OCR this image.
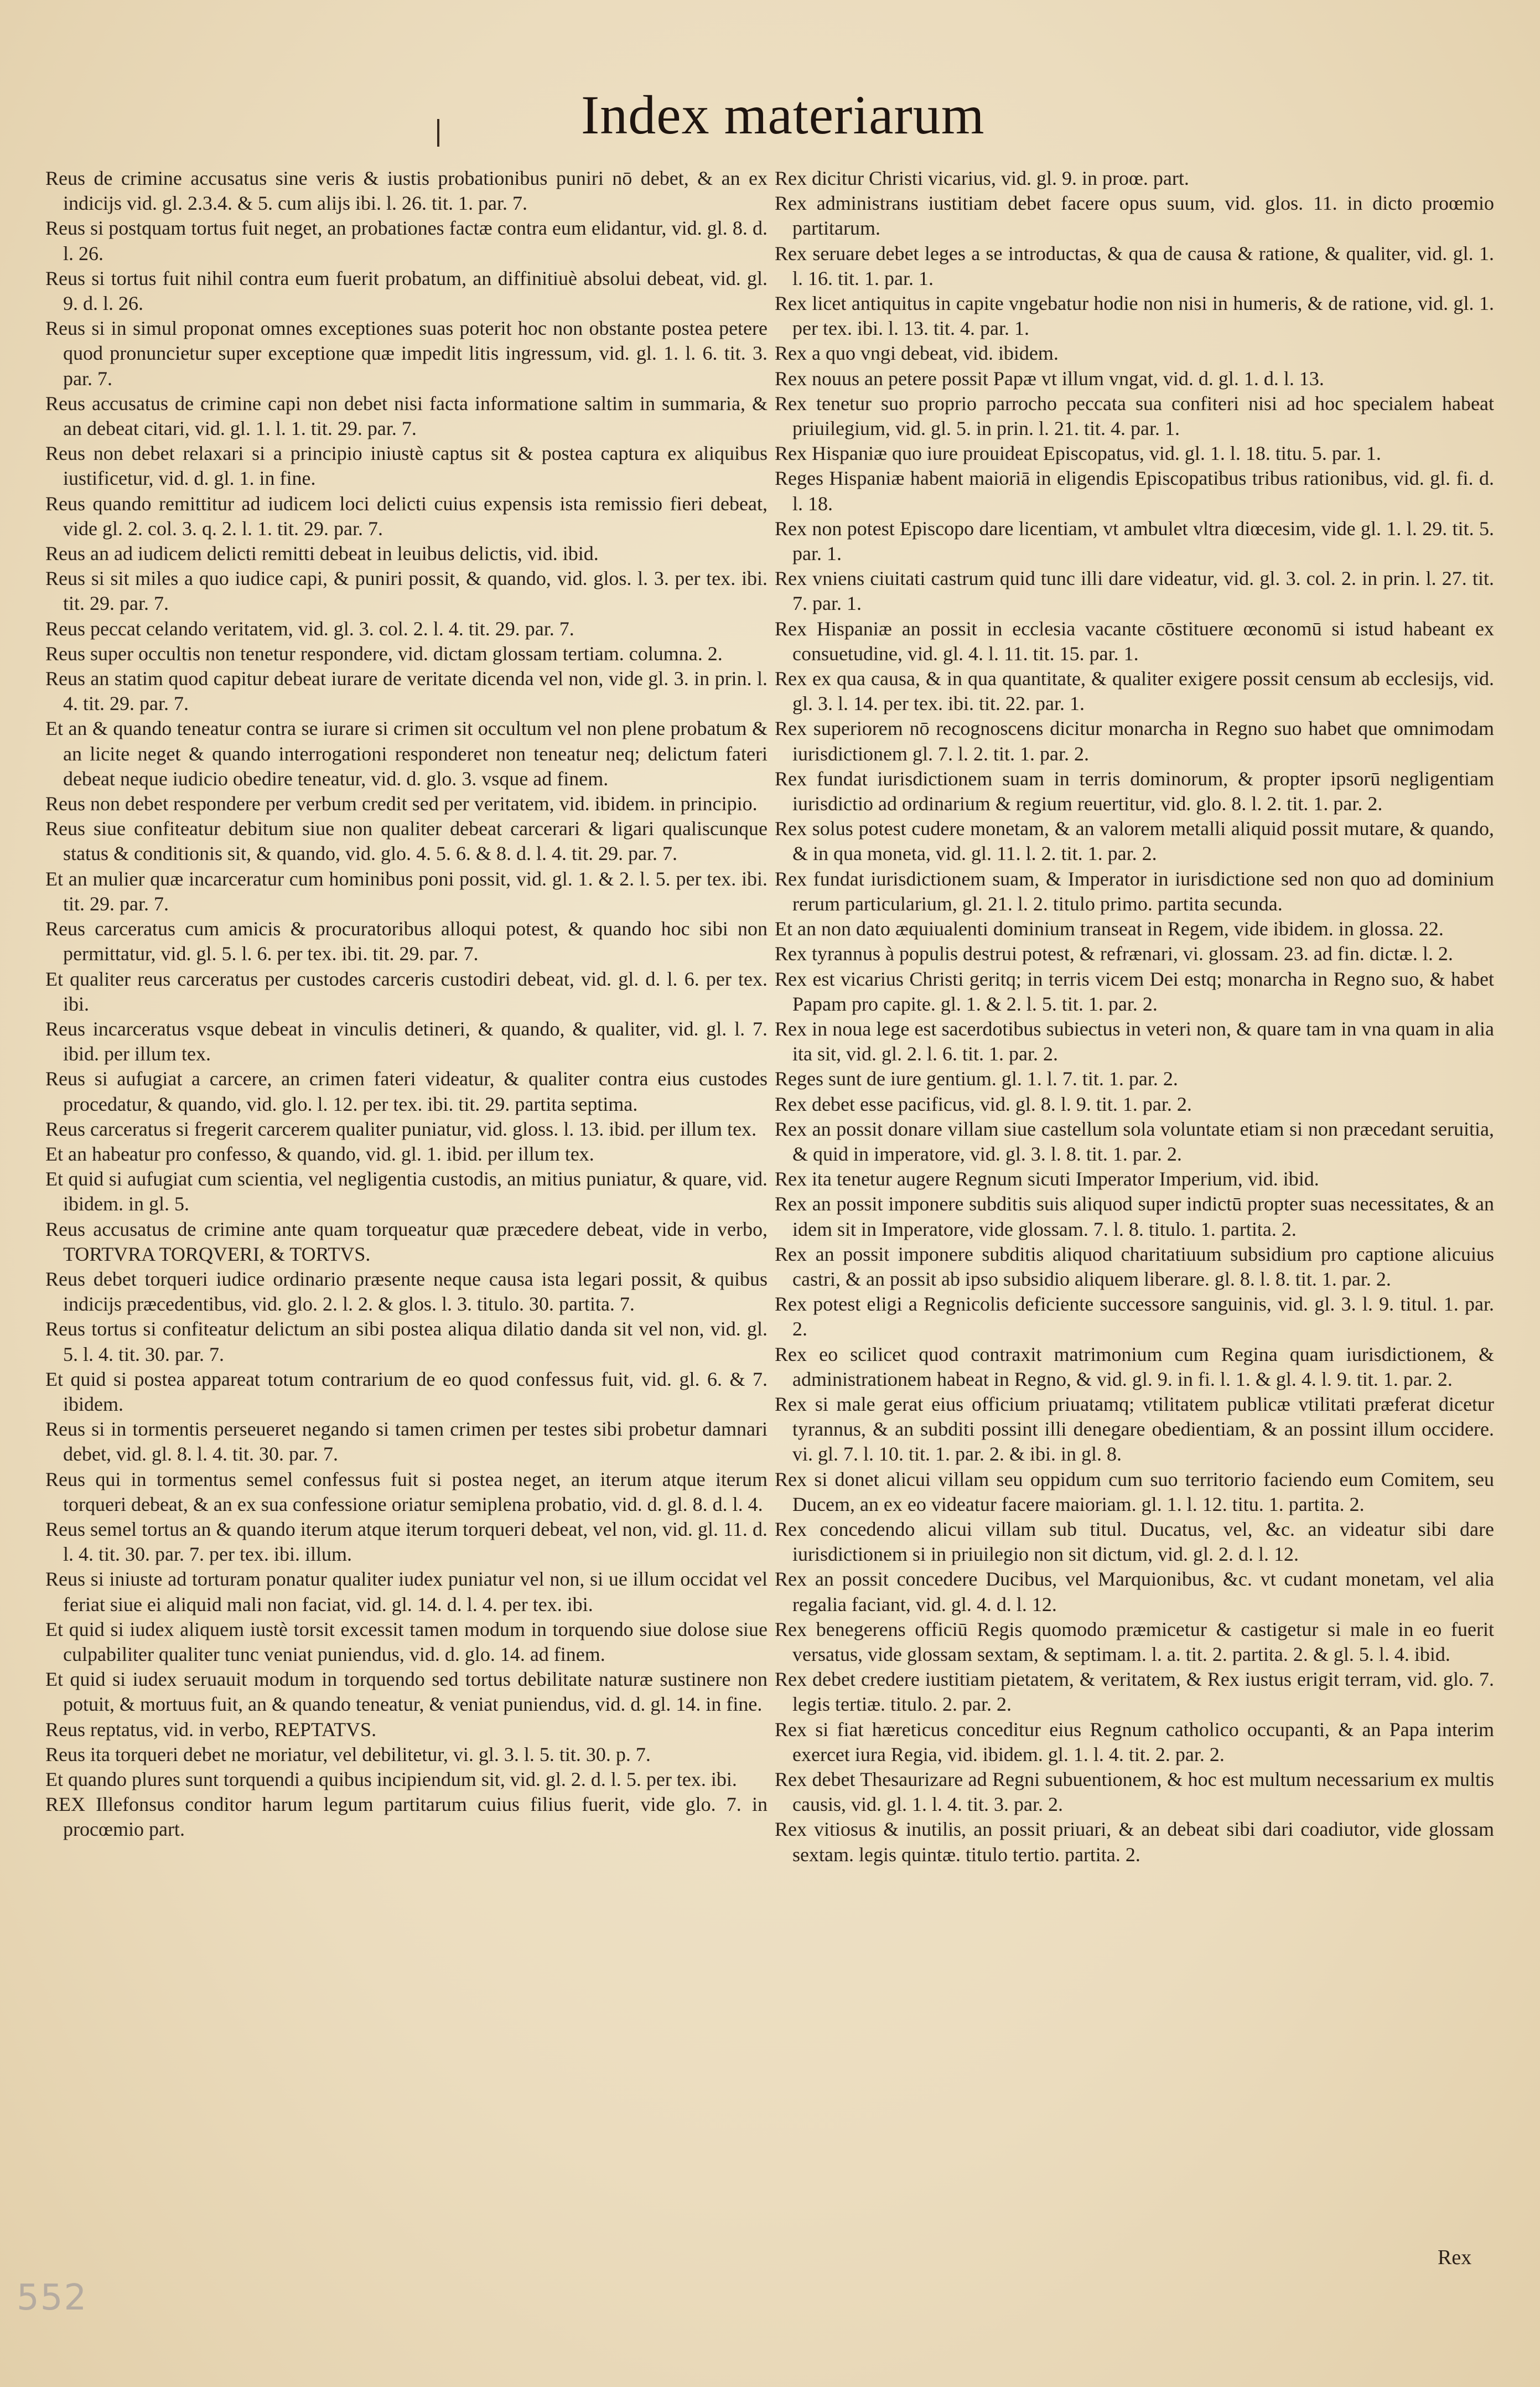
Index materiarum

Reus de crimine accusatus sine veris & iustis probationibus puniri nō debet, & an ex indicijs vid. gl. 2.3.4. & 5. cum alijs ibi. l. 26. tit. 1. par. 7.

Reus si postquam tortus fuit neget, an probationes factæ contra eum elidantur, vid. gl. 8. d. l. 26.

Reus si tortus fuit nihil contra eum fuerit probatum, an diffinitiuè absolui debeat, vid. gl. 9. d. l. 26.

Reus si in simul proponat omnes exceptiones suas poterit hoc non obstante postea petere quod pronuncietur super exceptione quæ impedit litis ingressum, vid. gl. 1. l. 6. tit. 3. par. 7.

Reus accusatus de crimine capi non debet nisi facta informatione saltim in summaria, & an debeat citari, vid. gl. 1. l. 1. tit. 29. par. 7.

Reus non debet relaxari si a principio iniustè captus sit & postea captura ex aliquibus iustificetur, vid. d. gl. 1. in fine.

Reus quando remittitur ad iudicem loci delicti cuius expensis ista remissio fieri debeat, vide gl. 2. col. 3. q. 2. l. 1. tit. 29. par. 7.

Reus an ad iudicem delicti remitti debeat in leuibus delictis, vid. ibid.

Reus si sit miles a quo iudice capi, & puniri possit, & quando, vid. glos. l. 3. per tex. ibi. tit. 29. par. 7.

Reus peccat celando veritatem, vid. gl. 3. col. 2. l. 4. tit. 29. par. 7.

Reus super occultis non tenetur respondere, vid. dictam glossam tertiam. columna. 2.

Reus an statim quod capitur debeat iurare de veritate dicenda vel non, vide gl. 3. in prin. l. 4. tit. 29. par. 7.

Et an & quando teneatur contra se iurare si crimen sit occultum vel non plene probatum & an licite neget & quando interrogationi responderet non teneatur neq; delictum fateri debeat neque iudicio obedire teneatur, vid. d. glo. 3. vsque ad finem.

Reus non debet respondere per verbum credit sed per veritatem, vid. ibidem. in principio.

Reus siue confiteatur debitum siue non qualiter debeat carcerari & ligari qualiscunque status & conditionis sit, & quando, vid. glo. 4. 5. 6. & 8. d. l. 4. tit. 29. par. 7.

Et an mulier quæ incarceratur cum hominibus poni possit, vid. gl. 1. & 2. l. 5. per tex. ibi. tit. 29. par. 7.

Reus carceratus cum amicis & procuratoribus alloqui potest, & quando hoc sibi non permittatur, vid. gl. 5. l. 6. per tex. ibi. tit. 29. par. 7.

Et qualiter reus carceratus per custodes carceris custodiri debeat, vid. gl. d. l. 6. per tex. ibi.

Reus incarceratus vsque debeat in vinculis detineri, & quando, & qualiter, vid. gl. l. 7. ibid. per illum tex.

Reus si aufugiat a carcere, an crimen fateri videatur, & qualiter contra eius custodes procedatur, & quando, vid. glo. l. 12. per tex. ibi. tit. 29. partita septima.

Reus carceratus si fregerit carcerem qualiter puniatur, vid. gloss. l. 13. ibid. per illum tex.

Et an habeatur pro confesso, & quando, vid. gl. 1. ibid. per illum tex.

Et quid si aufugiat cum scientia, vel negligentia custodis, an mitius puniatur, & quare, vid. ibidem. in gl. 5.

Reus accusatus de crimine ante quam torqueatur quæ præcedere debeat, vide in verbo, TORTVRA TORQVERI, & TORTVS.

Reus debet torqueri iudice ordinario præsente neque causa ista legari possit, & quibus indicijs præcedentibus, vid. glo. 2. l. 2. & glos. l. 3. titulo. 30. partita. 7.

Reus tortus si confiteatur delictum an sibi postea aliqua dilatio danda sit vel non, vid. gl. 5. l. 4. tit. 30. par. 7.

Et quid si postea appareat totum contrarium de eo quod confessus fuit, vid. gl. 6. & 7. ibidem.

Reus si in tormentis perseueret negando si tamen crimen per testes sibi probetur damnari debet, vid. gl. 8. l. 4. tit. 30. par. 7.

Reus qui in tormentus semel confessus fuit si postea neget, an iterum atque iterum torqueri debeat, & an ex sua confessione oriatur semiplena probatio, vid. d. gl. 8. d. l. 4.

Reus semel tortus an & quando iterum atque iterum torqueri debeat, vel non, vid. gl. 11. d. l. 4. tit. 30. par. 7. per tex. ibi. illum.

Reus si iniuste ad torturam ponatur qualiter iudex puniatur vel non, si ue illum occidat vel feriat siue ei aliquid mali non faciat, vid. gl. 14. d. l. 4. per tex. ibi.

Et quid si iudex aliquem iustè torsit excessit tamen modum in torquendo siue dolose siue culpabiliter qualiter tunc veniat puniendus, vid. d. glo. 14. ad finem.

Et quid si iudex seruauit modum in torquendo sed tortus debilitate naturæ sustinere non potuit, & mortuus fuit, an & quando teneatur, & veniat puniendus, vid. d. gl. 14. in fine.

Reus reptatus, vid. in verbo, REPTATVS.

Reus ita torqueri debet ne moriatur, vel debilitetur, vi. gl. 3. l. 5. tit. 30. p. 7.

Et quando plures sunt torquendi a quibus incipiendum sit, vid. gl. 2. d. l. 5. per tex. ibi.

REX Illefonsus conditor harum legum partitarum cuius filius fuerit, vide glo. 7. in procœmio part.

Rex dicitur Christi vicarius, vid. gl. 9. in proœ. part.

Rex administrans iustitiam debet facere opus suum, vid. glos. 11. in dicto proœmio partitarum.

Rex seruare debet leges a se introductas, & qua de causa & ratione, & qualiter, vid. gl. 1. l. 16. tit. 1. par. 1.

Rex licet antiquitus in capite vngebatur hodie non nisi in humeris, & de ratione, vid. gl. 1. per tex. ibi. l. 13. tit. 4. par. 1.

Rex a quo vngi debeat, vid. ibidem.

Rex nouus an petere possit Papæ vt illum vngat, vid. d. gl. 1. d. l. 13.

Rex tenetur suo proprio parrocho peccata sua confiteri nisi ad hoc specialem habeat priuilegium, vid. gl. 5. in prin. l. 21. tit. 4. par. 1.

Rex Hispaniæ quo iure prouideat Episcopatus, vid. gl. 1. l. 18. titu. 5. par. 1.

Reges Hispaniæ habent maioriā in eligendis Episcopatibus tribus rationibus, vid. gl. fi. d. l. 18.

Rex non potest Episcopo dare licentiam, vt ambulet vltra diœcesim, vide gl. 1. l. 29. tit. 5. par. 1.

Rex vniens ciuitati castrum quid tunc illi dare videatur, vid. gl. 3. col. 2. in prin. l. 27. tit. 7. par. 1.

Rex Hispaniæ an possit in ecclesia vacante cōstituere œconomū si istud habeant ex consuetudine, vid. gl. 4. l. 11. tit. 15. par. 1.

Rex ex qua causa, & in qua quantitate, & qualiter exigere possit censum ab ecclesijs, vid. gl. 3. l. 14. per tex. ibi. tit. 22. par. 1.

Rex superiorem nō recognoscens dicitur monarcha in Regno suo habet que omnimodam iurisdictionem gl. 7. l. 2. tit. 1. par. 2.

Rex fundat iurisdictionem suam in terris dominorum, & propter ipsorū negligentiam iurisdictio ad ordinarium & regium reuertitur, vid. glo. 8. l. 2. tit. 1. par. 2.

Rex solus potest cudere monetam, & an valorem metalli aliquid possit mutare, & quando, & in qua moneta, vid. gl. 11. l. 2. tit. 1. par. 2.

Rex fundat iurisdictionem suam, & Imperator in iurisdictione sed non quo ad dominium rerum particularium, gl. 21. l. 2. titulo primo. partita secunda.

Et an non dato æquiualenti dominium transeat in Regem, vide ibidem. in glossa. 22.

Rex tyrannus à populis destrui potest, & refrænari, vi. glossam. 23. ad fin. dictæ. l. 2.

Rex est vicarius Christi geritq; in terris vicem Dei estq; monarcha in Regno suo, & habet Papam pro capite. gl. 1. & 2. l. 5. tit. 1. par. 2.

Rex in noua lege est sacerdotibus subiectus in veteri non, & quare tam in vna quam in alia ita sit, vid. gl. 2. l. 6. tit. 1. par. 2.

Reges sunt de iure gentium. gl. 1. l. 7. tit. 1. par. 2.

Rex debet esse pacificus, vid. gl. 8. l. 9. tit. 1. par. 2.

Rex an possit donare villam siue castellum sola voluntate etiam si non præcedant seruitia, & quid in imperatore, vid. gl. 3. l. 8. tit. 1. par. 2.

Rex ita tenetur augere Regnum sicuti Imperator Imperium, vid. ibid.

Rex an possit imponere subditis suis aliquod super indictū propter suas necessitates, & an idem sit in Imperatore, vide glossam. 7. l. 8. titulo. 1. partita. 2.

Rex an possit imponere subditis aliquod charitatiuum subsidium pro captione alicuius castri, & an possit ab ipso subsidio aliquem liberare. gl. 8. l. 8. tit. 1. par. 2.

Rex potest eligi a Regnicolis deficiente successore sanguinis, vid. gl. 3. l. 9. titul. 1. par. 2.

Rex eo scilicet quod contraxit matrimonium cum Regina quam iurisdictionem, & administrationem habeat in Regno, & vid. gl. 9. in fi. l. 1. & gl. 4. l. 9. tit. 1. par. 2.

Rex si male gerat eius officium priuatamq; vtilitatem publicæ vtilitati præferat dicetur tyrannus, & an subditi possint illi denegare obedientiam, & an possint illum occidere. vi. gl. 7. l. 10. tit. 1. par. 2. & ibi. in gl. 8.

Rex si donet alicui villam seu oppidum cum suo territorio faciendo eum Comitem, seu Ducem, an ex eo videatur facere maioriam. gl. 1. l. 12. titu. 1. partita. 2.

Rex concedendo alicui villam sub titul. Ducatus, vel, &c. an videatur sibi dare iurisdictionem si in priuilegio non sit dictum, vid. gl. 2. d. l. 12.

Rex an possit concedere Ducibus, vel Marquionibus, &c. vt cudant monetam, vel alia regalia faciant, vid. gl. 4. d. l. 12.

Rex benegerens officiū Regis quomodo præmicetur & castigetur si male in eo fuerit versatus, vide glossam sextam, & septimam. l. a. tit. 2. partita. 2. & gl. 5. l. 4. ibid.

Rex debet credere iustitiam pietatem, & veritatem, & Rex iustus erigit terram, vid. glo. 7. legis tertiæ. titulo. 2. par. 2.

Rex si fiat hæreticus conceditur eius Regnum catholico occupanti, & an Papa interim exercet iura Regia, vid. ibidem. gl. 1. l. 4. tit. 2. par. 2.

Rex debet Thesaurizare ad Regni subuentionem, & hoc est multum necessarium ex multis causis, vid. gl. 1. l. 4. tit. 3. par. 2.

Rex vitiosus & inutilis, an possit priuari, & an debeat sibi dari coadiutor, vide glossam sextam. legis quintæ. titulo tertio. partita. 2.

Rex
552
